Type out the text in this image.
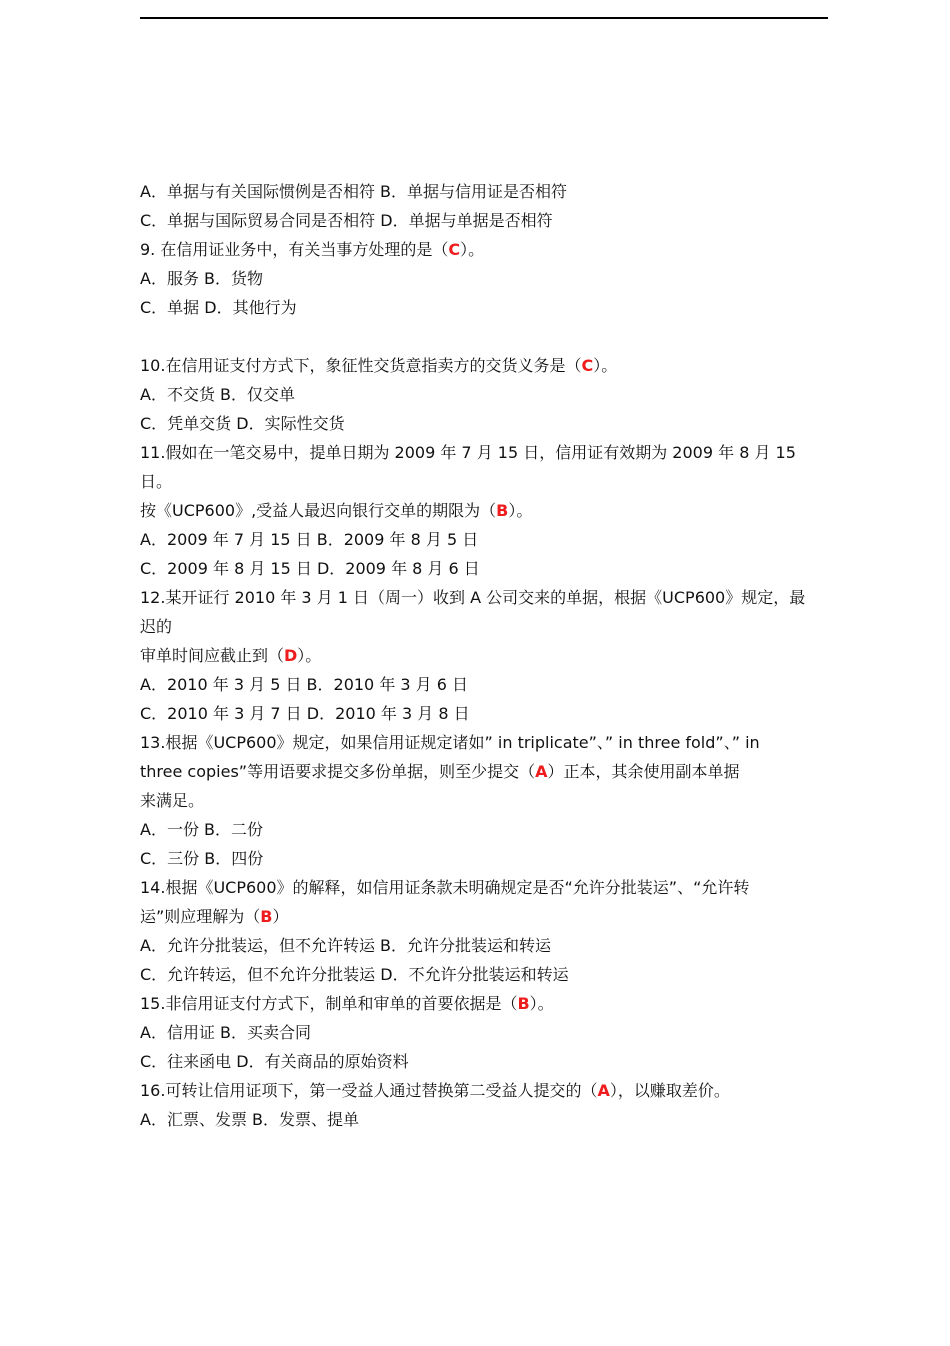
A．单据与有关国际惯例是否相符 B．单据与信用证是否相符
C．单据与国际贸易合同是否相符 D．单据与单据是否相符
9. 在信用证业务中，有关当事方处理的是（C）。
A．服务 B．货物
C．单据 D．其他行为
10.在信用证支付方式下，象征性交货意指卖方的交货义务是（C）。
A．不交货 B．仅交单
C．凭单交货 D．实际性交货
11.假如在一笔交易中，提单日期为 2009 年 7 月 15 日，信用证有效期为 2009 年 8 月 15
日。
按《UCP600》,受益人最迟向银行交单的期限为（B）。
A．2009 年 7 月 15 日 B．2009 年 8 月 5 日
C．2009 年 8 月 15 日 D．2009 年 8 月 6 日
12.某开证行 2010 年 3 月 1 日（周一）收到 A 公司交来的单据，根据《UCP600》规定，最
迟的
审单时间应截止到（D）。
A．2010 年 3 月 5 日 B．2010 年 3 月 6 日
C．2010 年 3 月 7 日 D．2010 年 3 月 8 日
13.根据《UCP600》规定，如果信用证规定诸如” in triplicate”、” in three fold”、” in
three copies”等用语要求提交多份单据，则至少提交（A）正本，其余使用副本单据
来满足。
A．一份 B．二份
C．三份 B．四份
14.根据《UCP600》的解释，如信用证条款未明确规定是否“允许分批装运”、“允许转
运”则应理解为（B）
A．允许分批装运，但不允许转运 B．允许分批装运和转运
C．允许转运，但不允许分批装运 D．不允许分批装运和转运
15.非信用证支付方式下，制单和审单的首要依据是（B）。
A．信用证 B．买卖合同
C．往来函电 D．有关商品的原始资料
16.可转让信用证项下，第一受益人通过替换第二受益人提交的（A），以赚取差价。
A．汇票、发票 B．发票、提单
